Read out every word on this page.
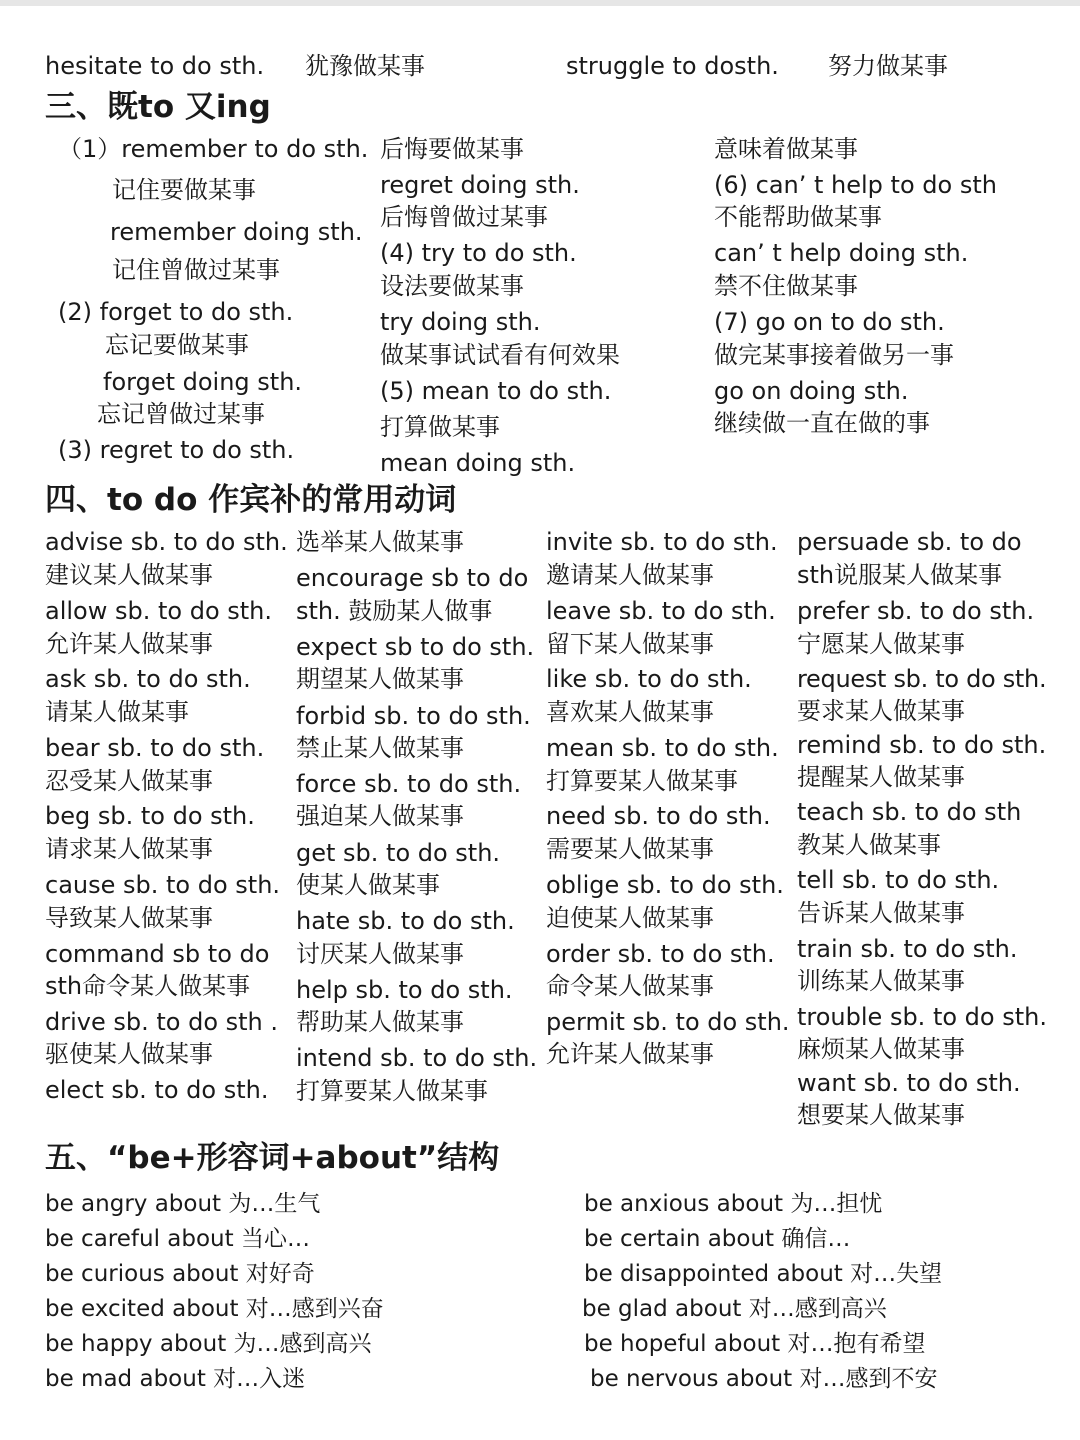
hesitate to do sth. 犹豫做某事	struggle to dosth. 努力做某事
三、既to 又ing
（1）remember to do sth.
记住要做某事
remember doing sth.
记住曾做过某事
(2) forget to do sth.
忘记要做某事
forget doing sth.
忘记曾做过某事
(3) regret to do sth.
后悔要做某事
regret doing sth.
后悔曾做过某事
(4) try to do sth.
设法要做某事
try doing sth.
做某事试试看有何效果
(5) mean to do sth.
打算做某事
mean doing sth.
意味着做某事
(6) can’ t help to do sth
不能帮助做某事
can’ t help doing sth.
禁不住做某事
(7) go on to do sth.
做完某事接着做另一事
go on doing sth.
继续做一直在做的事
四、to do 作宾补的常用动词
advise sb. to do sth.
建议某人做某事
allow sb. to do sth.
允许某人做某事
ask sb. to do sth.
请某人做某事
bear sb. to do sth.
忍受某人做某事
beg sb. to do sth.
请求某人做某事
cause sb. to do sth.
导致某人做某事
command sb to do
sth命令某人做某事
drive sb. to do sth .
驱使某人做某事
elect sb. to do sth.
选举某人做某事
encourage sb to do
sth. 鼓励某人做事
expect sb to do sth.
期望某人做某事
forbid sb. to do sth.
禁止某人做某事
force sb. to do sth.
强迫某人做某事
get sb. to do sth.
使某人做某事
hate sb. to do sth.
讨厌某人做某事
help sb. to do sth.
帮助某人做某事
intend sb. to do sth.
打算要某人做某事
invite sb. to do sth.
邀请某人做某事
leave sb. to do sth.
留下某人做某事
like sb. to do sth.
喜欢某人做某事
mean sb. to do sth.
打算要某人做某事
need sb. to do sth.
需要某人做某事
oblige sb. to do sth.
迫使某人做某事
order sb. to do sth.
命令某人做某事
permit sb. to do sth.
允许某人做某事
persuade sb. to do
sth说服某人做某事
prefer sb. to do sth.
宁愿某人做某事
request sb. to do sth.
要求某人做某事
remind sb. to do sth.
提醒某人做某事
teach sb. to do sth
教某人做某事
tell sb. to do sth.
告诉某人做某事
train sb. to do sth.
训练某人做某事
trouble sb. to do sth.
麻烦某人做某事
want sb. to do sth.
想要某人做某事
五、“be+形容词+about”结构
be angry about 为…生气
be careful about 当心…
be curious about 对好奇
be excited about 对…感到兴奋
be happy about 为…感到高兴
be mad about 对…入迷
be anxious about 为…担忧
be certain about 确信…
be disappointed about 对…失望
be glad about 对…感到高兴
be hopeful about 对…抱有希望
be nervous about 对…感到不安
